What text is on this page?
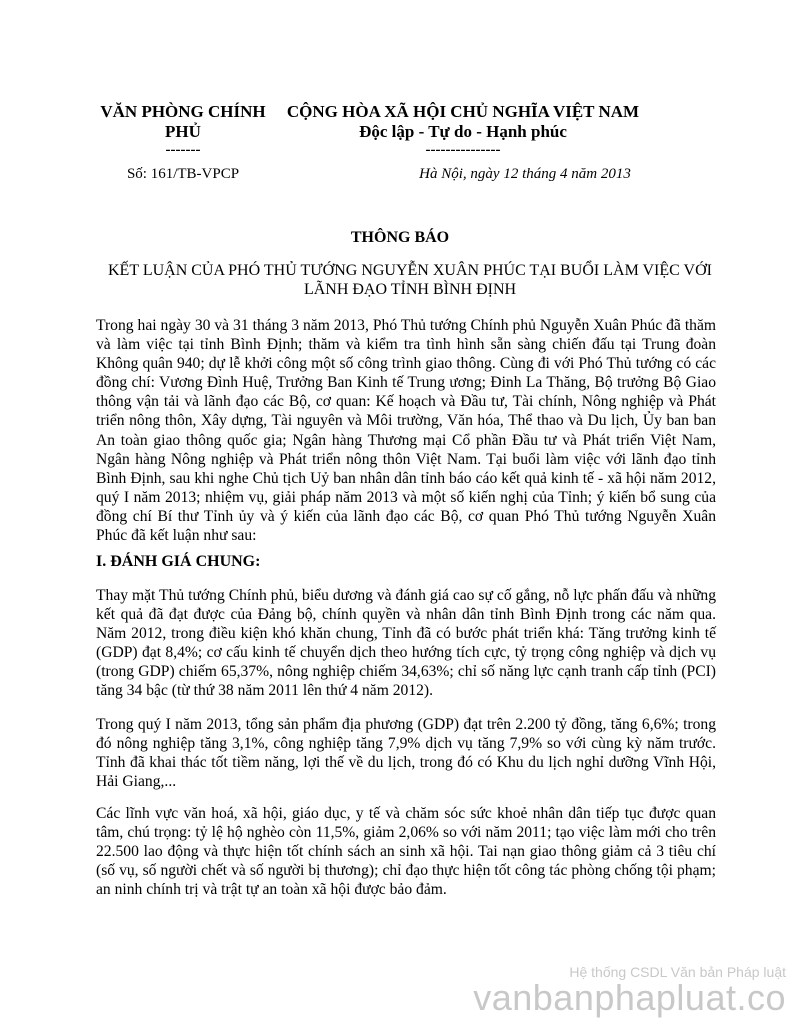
VĂN PHÒNG CHÍNH
PHỦ
-------
CỘNG HÒA XÃ HỘI CHỦ NGHĨA VIỆT NAM
Độc lập - Tự do - Hạnh phúc
---------------
Số: 161/TB-VPCP	Hà Nội, ngày 12 tháng 4 năm 2013
THÔNG BÁO
KẾT LUẬN CỦA PHÓ THỦ TƯỚNG NGUYỄN XUÂN PHÚC TẠI BUỔI LÀM VIỆC VỚI
LÃNH ĐẠO TỈNH BÌNH ĐỊNH
Trong hai ngày 30 và 31 tháng 3 năm 2013, Phó Thủ tướng Chính phủ Nguyễn Xuân Phúc đã thăm và làm việc tại tỉnh Bình Định; thăm và kiểm tra tình hình sẵn sàng chiến đấu tại Trung đoàn Không quân 940; dự lễ khởi công một số công trình giao thông. Cùng đi với Phó Thủ tướng có các đồng chí: Vương Đình Huệ, Trưởng Ban Kinh tế Trung ương; Đinh La Thăng, Bộ trưởng Bộ Giao thông vận tải và lãnh đạo các Bộ, cơ quan: Kế hoạch và Đầu tư, Tài chính, Nông nghiệp và Phát triển nông thôn, Xây dựng, Tài nguyên và Môi trường, Văn hóa, Thể thao và Du lịch, Ủy ban ban An toàn giao thông quốc gia; Ngân hàng Thương mại Cổ phần Đầu tư và Phát triển Việt Nam, Ngân hàng Nông nghiệp và Phát triển nông thôn Việt Nam. Tại buổi làm việc với lãnh đạo tỉnh Bình Định, sau khi nghe Chủ tịch Uỷ ban nhân dân tỉnh báo cáo kết quả kinh tế - xã hội năm 2012, quý I năm 2013; nhiệm vụ, giải pháp năm 2013 và một số kiến nghị của Tỉnh; ý kiến bổ sung của đồng chí Bí thư Tỉnh ủy và ý kiến của lãnh đạo các Bộ, cơ quan Phó Thủ tướng Nguyễn Xuân Phúc đã kết luận như sau:
I. ĐÁNH GIÁ CHUNG:
Thay mặt Thủ tướng Chính phủ, biểu dương và đánh giá cao sự cố gắng, nỗ lực phấn đấu và những kết quả đã đạt được của Đảng bộ, chính quyền và nhân dân tỉnh Bình Định trong các năm qua. Năm 2012, trong điều kiện khó khăn chung, Tỉnh đã có bước phát triển khá: Tăng trưởng kinh tế (GDP) đạt 8,4%; cơ cấu kinh tế chuyển dịch theo hướng tích cực, tỷ trọng công nghiệp và dịch vụ (trong GDP) chiếm 65,37%, nông nghiệp chiếm 34,63%; chỉ số năng lực cạnh tranh cấp tỉnh (PCI) tăng 34 bậc (từ thứ 38 năm 2011 lên thứ 4 năm 2012).
Trong quý I năm 2013, tổng sản phẩm địa phương (GDP) đạt trên 2.200 tỷ đồng, tăng 6,6%; trong đó nông nghiệp tăng 3,1%, công nghiệp tăng 7,9% dịch vụ tăng 7,9% so với cùng kỳ năm trước. Tỉnh đã khai thác tốt tiềm năng, lợi thế về du lịch, trong đó có Khu du lịch nghỉ dưỡng Vĩnh Hội, Hải Giang,...
Các lĩnh vực văn hoá, xã hội, giáo dục, y tế và chăm sóc sức khoẻ nhân dân tiếp tục được quan tâm, chú trọng: tỷ lệ hộ nghèo còn 11,5%, giảm 2,06% so với năm 2011; tạo việc làm mới cho trên 22.500 lao động và thực hiện tốt chính sách an sinh xã hội. Tai nạn giao thông giảm cả 3 tiêu chí (số vụ, số người chết và số người bị thương); chỉ đạo thực hiện tốt công tác phòng chống tội phạm; an ninh chính trị và trật tự an toàn xã hội được bảo đảm.
Hệ thống CSDL Văn bản Pháp luật
vanbanphapluat.co
